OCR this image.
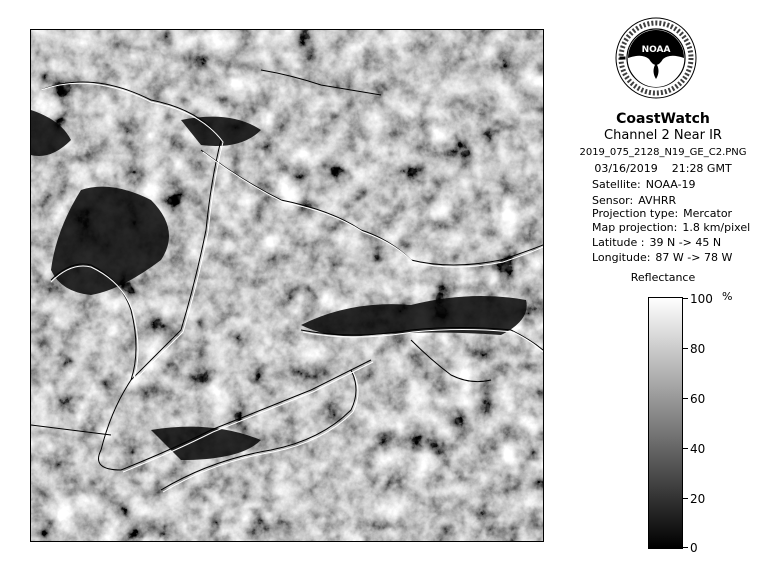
NOAA
CoastWatch
Channel 2 Near IR
2019_075_2128_N19_GE_C2.PNG
03/16/2019 21:28 GMT
Satellite: NOAA-19
Sensor: AVHRR
Projection type: Mercator
Map projection: 1.8 km/pixel
Latitude : 39 N -> 45 N
Longitude: 87 W -> 78 W
Reflectance
%
100
80
60
40
20
0
